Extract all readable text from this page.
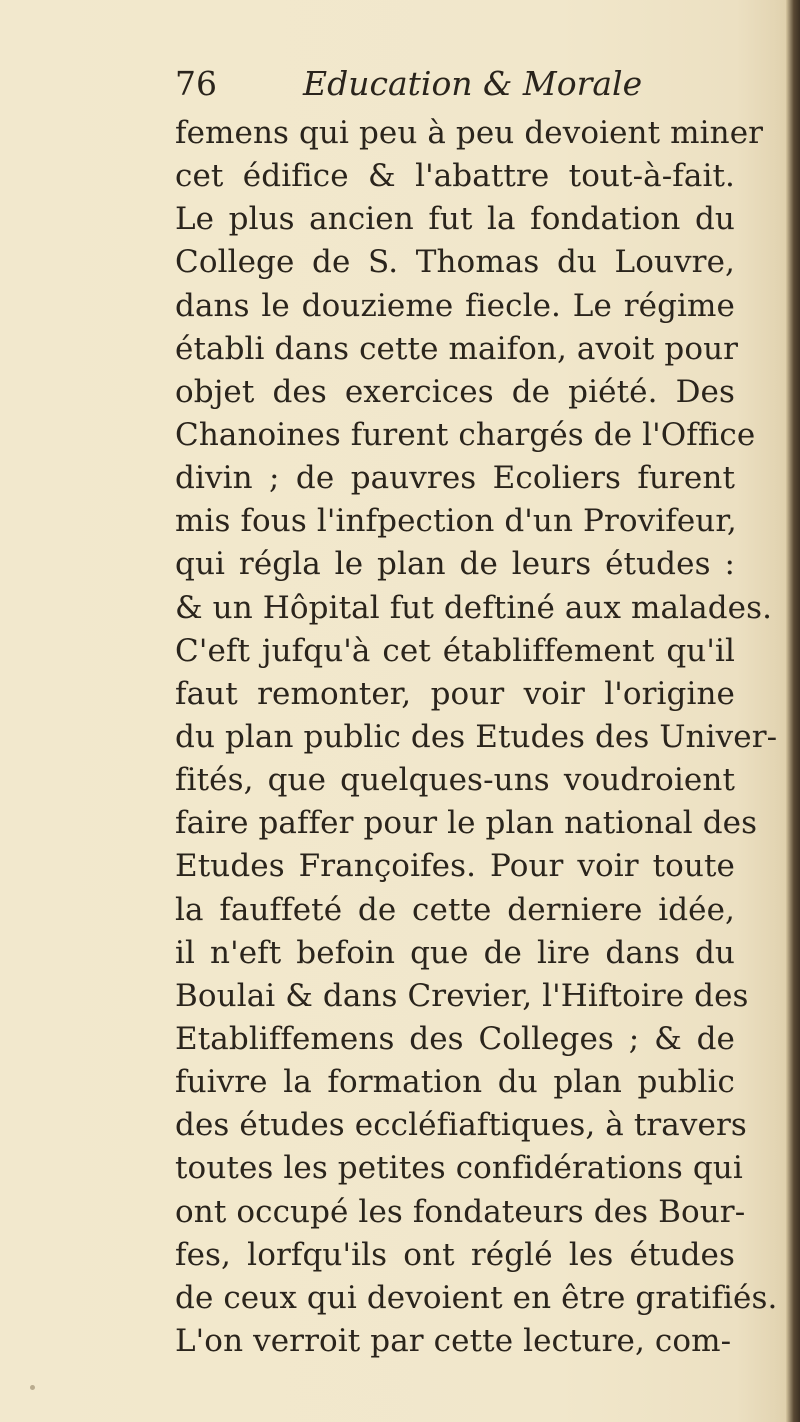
76	Education & Morale
femens qui peu à peu devoient miner
cet édifice & l'abattre tout-à-fait.
Le plus ancien fut la fondation du
College de S. Thomas du Louvre,
dans le douzieme fiecle. Le régime
établi dans cette maifon, avoit pour
objet des exercices de piété. Des
Chanoines furent chargés de l'Office
divin ; de pauvres Ecoliers furent
mis fous l'infpection d'un Provifeur,
qui régla le plan de leurs études :
& un Hôpital fut deftiné aux malades.
C'eft jufqu'à cet établiffement qu'il
faut remonter, pour voir l'origine
du plan public des Etudes des Univer-
fités, que quelques-uns voudroient
faire paffer pour le plan national des
Etudes Françoifes. Pour voir toute
la fauffeté de cette derniere idée,
il n'eft befoin que de lire dans du
Boulai & dans Crevier, l'Hiftoire des
Etabliffemens des Colleges ; & de
fuivre la formation du plan public
des études eccléfiaftiques, à travers
toutes les petites confidérations qui
ont occupé les fondateurs des Bour-
fes, lorfqu'ils ont réglé les études
de ceux qui devoient en être gratifiés.
L'on verroit par cette lecture, com-
